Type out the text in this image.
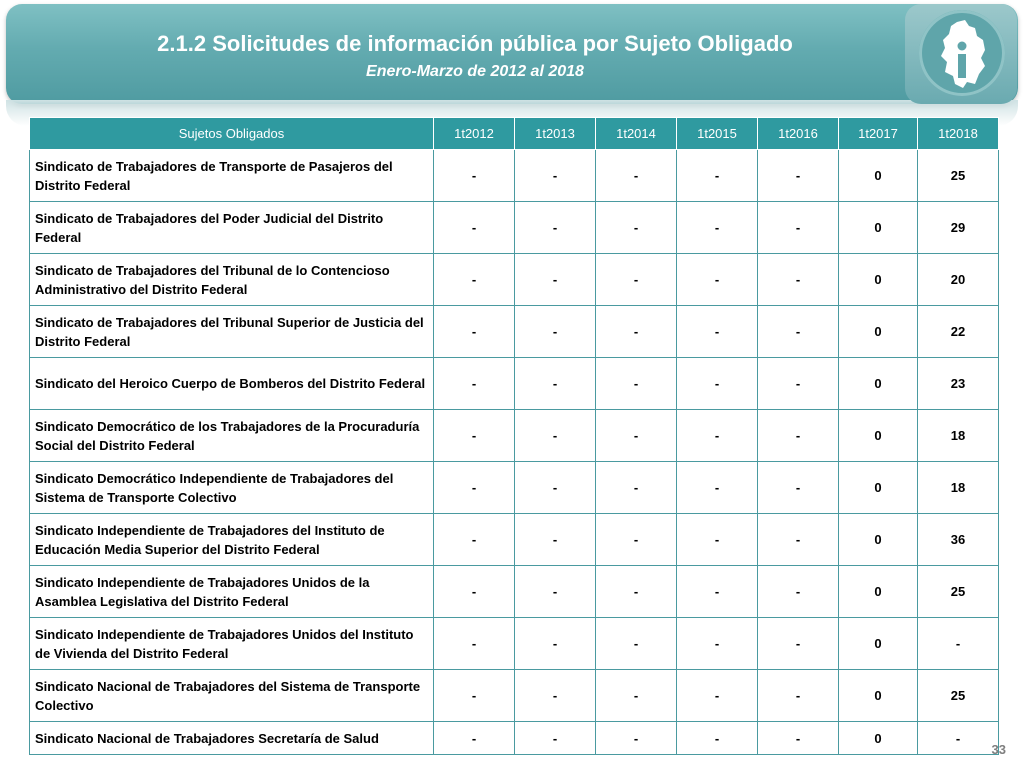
2.1.2 Solicitudes de información pública por Sujeto Obligado
Enero-Marzo de 2012 al 2018
Sujetos Obligados	1t2012	1t2013	1t2014	1t2015	1t2016	1t2017	1t2018
Sindicato de Trabajadores de Transporte de Pasajeros del Distrito Federal	-	-	-	-	-	0	25
Sindicato de Trabajadores del Poder Judicial del Distrito Federal	-	-	-	-	-	0	29
Sindicato de Trabajadores del Tribunal de lo Contencioso Administrativo del Distrito Federal	-	-	-	-	-	0	20
Sindicato de Trabajadores del Tribunal Superior de Justicia del Distrito Federal	-	-	-	-	-	0	22
Sindicato del Heroico Cuerpo de Bomberos del Distrito Federal	-	-	-	-	-	0	23
Sindicato Democrático de los Trabajadores de la Procuraduría Social del Distrito Federal	-	-	-	-	-	0	18
Sindicato Democrático Independiente de Trabajadores del Sistema de Transporte Colectivo	-	-	-	-	-	0	18
Sindicato Independiente de Trabajadores del Instituto de Educación Media Superior del Distrito Federal	-	-	-	-	-	0	36
Sindicato Independiente de Trabajadores Unidos de la Asamblea Legislativa del Distrito Federal	-	-	-	-	-	0	25
Sindicato Independiente de Trabajadores Unidos del Instituto de Vivienda del Distrito Federal	-	-	-	-	-	0	-
Sindicato Nacional de Trabajadores del Sistema de Transporte Colectivo	-	-	-	-	-	0	25
Sindicato Nacional de Trabajadores Secretaría de Salud	-	-	-	-	-	0	-
33
